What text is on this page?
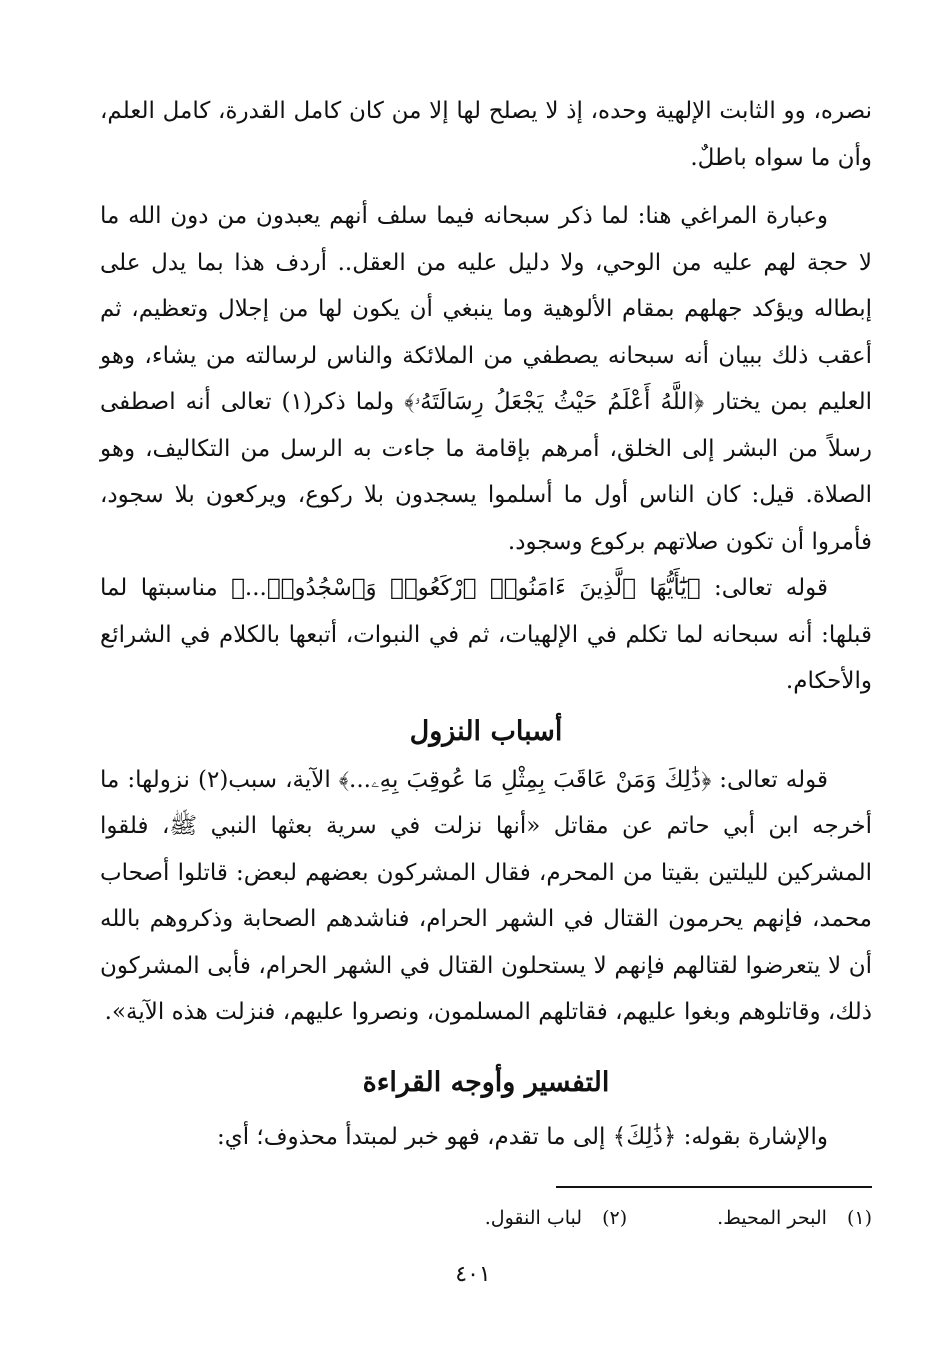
نصره، وو الثابت الإلهية وحده، إذ لا يصلح لها إلا من كان كامل القدرة، كامل العلم، وأن ما سواه باطلٌ.

وعبارة المراغي هنا: لما ذكر سبحانه فيما سلف أنهم يعبدون من دون الله ما لا حجة لهم عليه من الوحي، ولا دليل عليه من العقل.. أردف هذا بما يدل على إبطاله ويؤكد جهلهم بمقام الألوهية وما ينبغي أن يكون لها من إجلال وتعظيم، ثم أعقب ذلك ببيان أنه سبحانه يصطفي من الملائكة والناس لرسالته من يشاء، وهو العليم بمن يختار ﴿اللَّهُ أَعْلَمُ حَيْثُ يَجْعَلُ رِسَالَتَهُۥ﴾ ولما ذكر(١) تعالى أنه اصطفى رسلاً من البشر إلى الخلق، أمرهم بإقامة ما جاءت به الرسل من التكاليف، وهو الصلاة. قيل: كان الناس أول ما أسلموا يسجدون بلا ركوع، ويركعون بلا سجود، فأمروا أن تكون صلاتهم بركوع وسجود.

قوله تعالى: ﴿يَٰٓأَيُّهَا ٱلَّذِينَ ءَامَنُوا۟ ٱرْكَعُوا۟ وَٱسْجُدُوا۟...﴾ مناسبتها لما قبلها: أنه سبحانه لما تكلم في الإلهيات، ثم في النبوات، أتبعها بالكلام في الشرائع والأحكام.

أسباب النزول

قوله تعالى: ﴿ذَٰلِكَ وَمَنْ عَاقَبَ بِمِثْلِ مَا عُوقِبَ بِهِۦ...﴾ الآية، سبب(٢) نزولها: ما أخرجه ابن أبي حاتم عن مقاتل «أنها نزلت في سرية بعثها النبي ﷺ، فلقوا المشركين لليلتين بقيتا من المحرم، فقال المشركون بعضهم لبعض: قاتلوا أصحاب محمد، فإنهم يحرمون القتال في الشهر الحرام، فناشدهم الصحابة وذكروهم بالله أن لا يتعرضوا لقتالهم فإنهم لا يستحلون القتال في الشهر الحرام، فأبى المشركون ذلك، وقاتلوهم وبغوا عليهم، فقاتلهم المسلمون، ونصروا عليهم، فنزلت هذه الآية».

التفسير وأوجه القراءة

والإشارة بقوله: ﴿ذَٰلِكَ﴾ إلى ما تقدم، فهو خبر لمبتدأ محذوف؛ أي:

(١) البحر المحيط.
(٢) لباب النقول.
٤٠١
